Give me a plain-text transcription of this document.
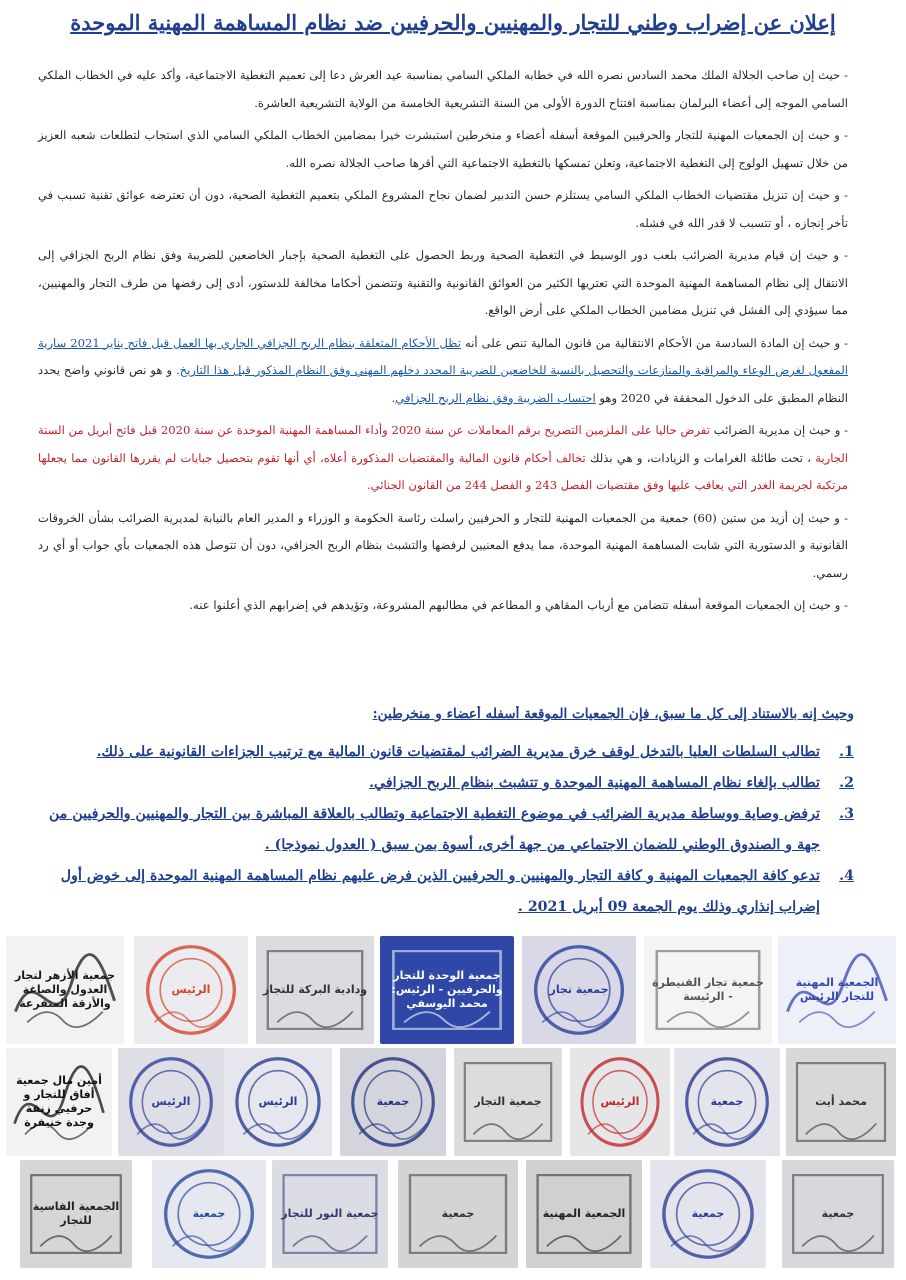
إعلان عن إضراب وطني للتجار والمهنيين والحرفيين ضد نظام المساهمة المهنية الموحدة

- حيث إن صاحب الجلالة الملك محمد السادس نصره الله في خطابه الملكي السامي بمناسبة عيد العرش دعا إلى تعميم التغطية الاجتماعية، وأكد عليه في الخطاب الملكي السامي الموجه إلى أعضاء البرلمان بمناسبة افتتاح الدورة الأولى من السنة التشريعية الخامسة من الولاية التشريعية العاشرة.

- و حيث إن الجمعيات المهنية للتجار والحرفيين الموقعة أسفله أعضاء و منخرطين استبشرت خيرا بمضامين الخطاب الملكي السامي الذي استجاب لتطلعات شعبه العزيز من خلال تسهيل الولوج إلى التغطية الاجتماعية، وتعلن تمسكها بالتغطية الاجتماعية التي أقرها صاحب الجلالة نصره الله.

- و حيث إن تنزيل مقتضيات الخطاب الملكي السامي يستلزم حسن التدبير لضمان نجاح المشروع الملكي بتعميم التغطية الصحية، دون أن تعترضه عوائق تقنية تسبب في تأخر إنجازه ، أو تتسبب لا قدر الله في فشله.

- و حيث إن قيام مديرية الضرائب بلعب دور الوسيط في التغطية الصحية وربط الحصول على التغطية الصحية بإجبار الخاضعين للضريبة وفق نظام الربح الجزافي إلى الانتقال إلى نظام المساهمة المهنية الموحدة التي تعتريها الكثير من العوائق القانونية والتقنية وتتضمن أحكاما مخالفة للدستور، أدى إلى رفضها من طرف التجار والمهنيين، مما سيؤدي إلى الفشل في تنزيل مضامين الخطاب الملكي على أرض الواقع.

- و حيث إن المادة السادسة من الأحكام الانتقالية من قانون المالية تنص على أنه تظل الأحكام المتعلقة بنظام الربح الجزافي الجاري بها العمل قبل فاتح يناير 2021 سارية المفعول لغرض الوعاء والمراقبة والمنازعات والتحصيل بالنسبة للخاضعين للضريبة المحدد دخلهم المهني وفق النظام المذكور قبل هذا التاريخ. و هو نص قانوني واضح يحدد النظام المطبق على الدخول المحققة في 2020 وهو احتساب الضريبة وفق نظام الربح الجزافي.

- و حيث إن مديرية الضرائب تفرض حاليا على الملزمين التصريح برقم المعاملات عن سنة 2020 وأداء المساهمة المهنية الموحدة عن سنة 2020 قبل فاتح أبريل من السنة الجارية ، تحت طائلة الغرامات و الزيادات، و هي بذلك تخالف أحكام قانون المالية والمقتضيات المذكورة أعلاه، أي أنها تقوم بتحصيل جبايات لم يقررها القانون مما يجعلها مرتكبة لجريمة الغدر التي يعاقب عليها وفق مقتضيات الفصل 243 و الفصل 244 من القانون الجنائي.

- و حيث إن أزيد من ستين (60) جمعية من الجمعيات المهنية للتجار و الحرفيين راسلت رئاسة الحكومة و الوزراء و المدير العام بالنيابة لمديرية الضرائب بشأن الخروقات القانونية و الدستورية التي شابت المساهمة المهنية الموحدة، مما يدفع المعنيين لرفضها والتشبث بنظام الربح الجزافي، دون أن تتوصل هذه الجمعيات بأي جواب أو أي رد رسمي.

- و حيث إن الجمعيات الموقعة أسفله تتضامن مع أرباب المقاهي و المطاعم في مطالبهم المشروعة، وتؤيدهم في إضرابهم الذي أعلنوا عنه.

وحيث إنه بالاستناد إلى كل ما سبق، فإن الجمعيات الموقعة أسفله أعضاء و منخرطين:
1.
تطالب السلطات العليا بالتدخل لوقف خرق مديرية الضرائب لمقتضيات قانون المالية مع ترتيب الجزاءات القانونية على ذلك.
2.
تطالب بإلغاء نظام المساهمة المهنية الموحدة و تتشبث بنظام الربح الجزافي.
3.
ترفض وصاية ووساطة مديرية الضرائب في موضوع التغطية الاجتماعية وتطالب بالعلاقة المباشرة بين التجار والمهنيين والحرفيين من جهة و الصندوق الوطني للضمان الاجتماعي من جهة أخرى، أسوة بمن سبق ( العدول نموذجا) .
4.
تدعو كافة الجمعيات المهنية و كافة التجار والمهنيين و الحرفيين الذين فرض عليهم نظام المساهمة المهنية الموحدة إلى خوض أول إضراب إنذاري وذلك يوم الجمعة 09 أبريل 2021 .
جمعية الأزهر لتجار العدول والصاغة والأزقة المتفرعة
الرئيس	ودادية البركة للتجار
جمعية الوحدة للتجار والحرفيين - الرئيس: محمد اليوسفي
جمعية تجار
جمعية تجار القنيطرة - الرئيسة
الجمعية المهنية للتجار الرئيس
أمين مال جمعية أفاق للتجار و حرفيي زنقة وجدة خنيفرة
الرئيس	الرئيس	جمعية	جمعية التجار	الرئيس	جمعية	محمد أيت
الجمعية الفاسية للتجار
جمعية	جمعية النور للتجار	جمعية	الجمعية المهنية	جمعية	جمعية
